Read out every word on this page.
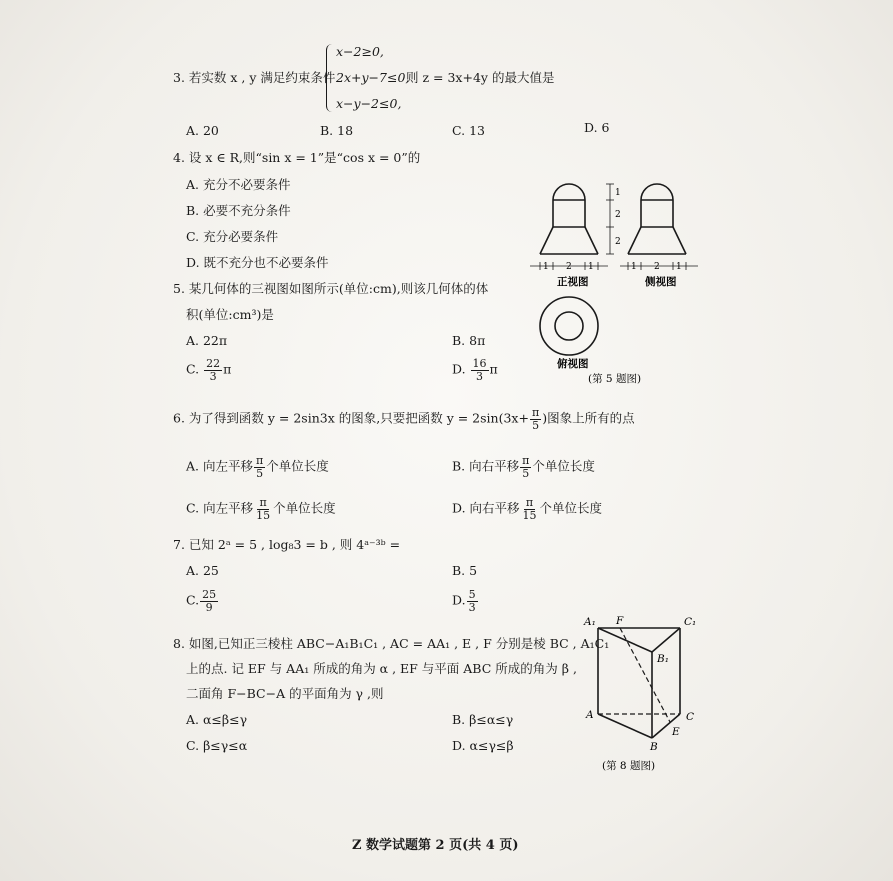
3. 若实数 x , y 满足约束条件
x−2≥0,
2x+y−7≤0,
x−y−2≤0,
则 z = 3x+4y 的最大值是
A. 20	B. 18	C. 13	D. 6
4. 设 x ∈ R,则“sin x = 1”是“cos x = 0”的
A. 充分不必要条件
B. 必要不充分条件
C. 充分必要条件
D. 既不充分也不必要条件
5. 某几何体的三视图如图所示(单位:cm),则该几何体的体
积(单位:cm³)是
A. 22π	B. 8π
C. $\frac{22}{3}$ π	D. $\frac{16}{3}$ π
1
2
2
1 2 1	1 2 1
正视图	侧视图
俯视图
(第 5 题图)
6. 为了得到函数 y = 2sin3x 的图象,只要把函数 $y = 2\sin(3x+ \frac{\pi}{5}$ )图象上所有的点
A. 向左平移 $\frac{\pi}{5}$ 个单位长度	B. 向右平移 $\frac{\pi}{5}$ 个单位长度
C. 向左平移 $\frac{\pi}{15}$ 个单位长度	D. 向右平移 $\frac{\pi}{15}$ 个单位长度
7. 已知 2ᵃ = 5 , log₈3 = b , 则 4ᵃ⁻³ᵇ =
A. 25	B. 5
C. $\frac{25}{9}$	D. $\frac{5}{3}$
8. 如图,已知正三棱柱 ABC−A₁B₁C₁ , AC = AA₁ , E , F 分别是棱 BC , A₁C₁
上的点. 记 EF 与 AA₁ 所成的角为 α , EF 与平面 ABC 所成的角为 β ,
二面角 F−BC−A 的平面角为 γ ,则
A. α≤β≤γ	B. β≤α≤γ
C. β≤γ≤α	D. α≤γ≤β
A₁ F	C₁
B₁
A	C
E
B
(第 8 题图)
Z 数学试题第 2 页(共 4 页)
